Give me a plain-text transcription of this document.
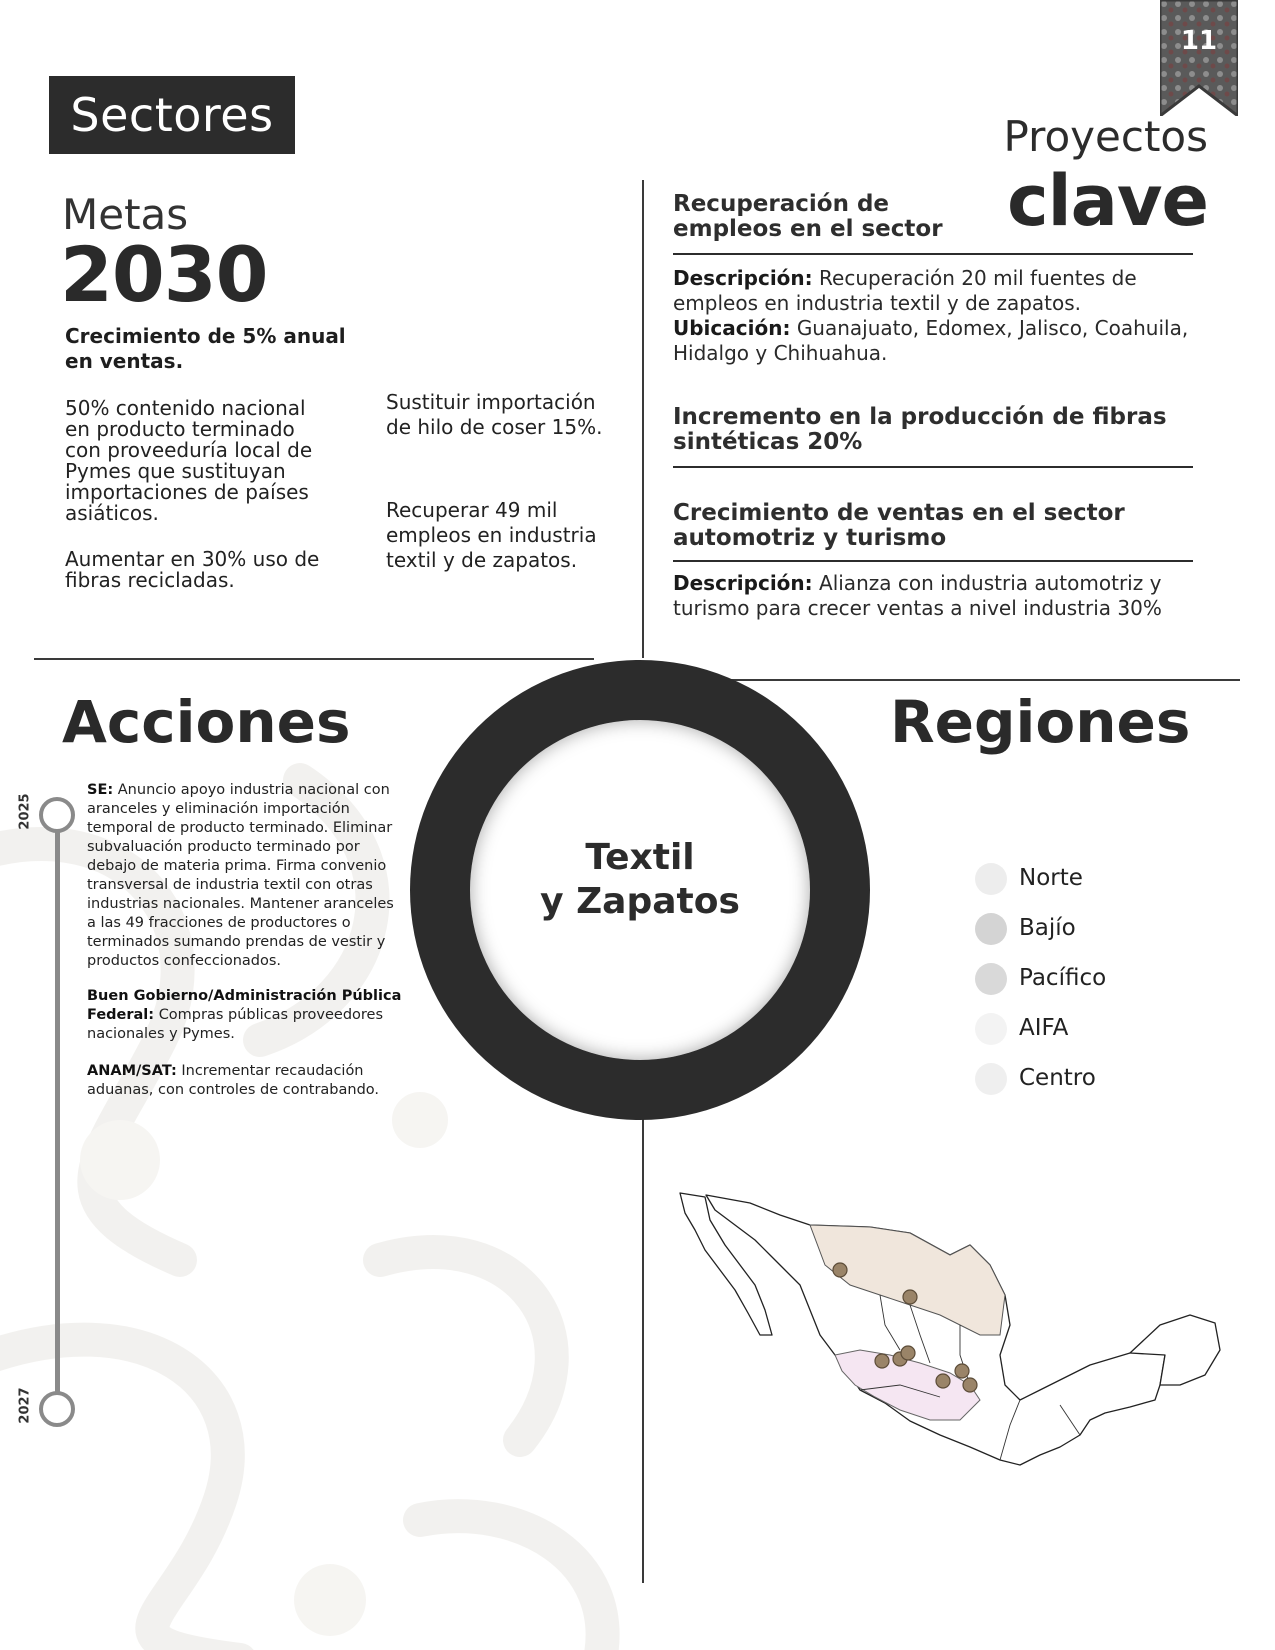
11
Sectores
Metas
2030
Crecimiento de 5% anual en ventas.
50% contenido nacional en producto terminado con proveeduría local de Pymes que sustituyan importaciones de países asiáticos.
Aumentar en 30% uso de fibras recicladas.
Sustituir importación de hilo de coser 15%.
Recuperar 49 mil empleos en industria textil y de zapatos.
Proyectos
clave
Recuperación de empleos en el sector
Descripción: Recuperación 20 mil fuentes de empleos en industria textil y de zapatos.
Ubicación: Guanajuato, Edomex, Jalisco, Coahuila, Hidalgo y Chihuahua.
Incremento en la producción de fibras sintéticas 20%
Crecimiento de ventas en el sector automotriz y turismo
Descripción: Alianza con industria automotriz y turismo para crecer ventas a nivel industria 30%
Acciones	Regiones
Textil
y Zapatos
2025
2027
SE: Anuncio apoyo industria nacional con aranceles y eliminación importación temporal de producto terminado. Eliminar subvaluación producto terminado por debajo de materia prima. Firma convenio transversal de industria textil con otras industrias nacionales. Mantener aranceles a las 49 fracciones de productores o terminados sumando prendas de vestir y productos confeccionados.
Buen Gobierno/Administración Pública Federal: Compras públicas proveedores nacionales y Pymes.
ANAM/SAT: Incrementar recaudación aduanas, con controles de contrabando.
Norte
Bajío
Pacífico
AIFA
Centro
